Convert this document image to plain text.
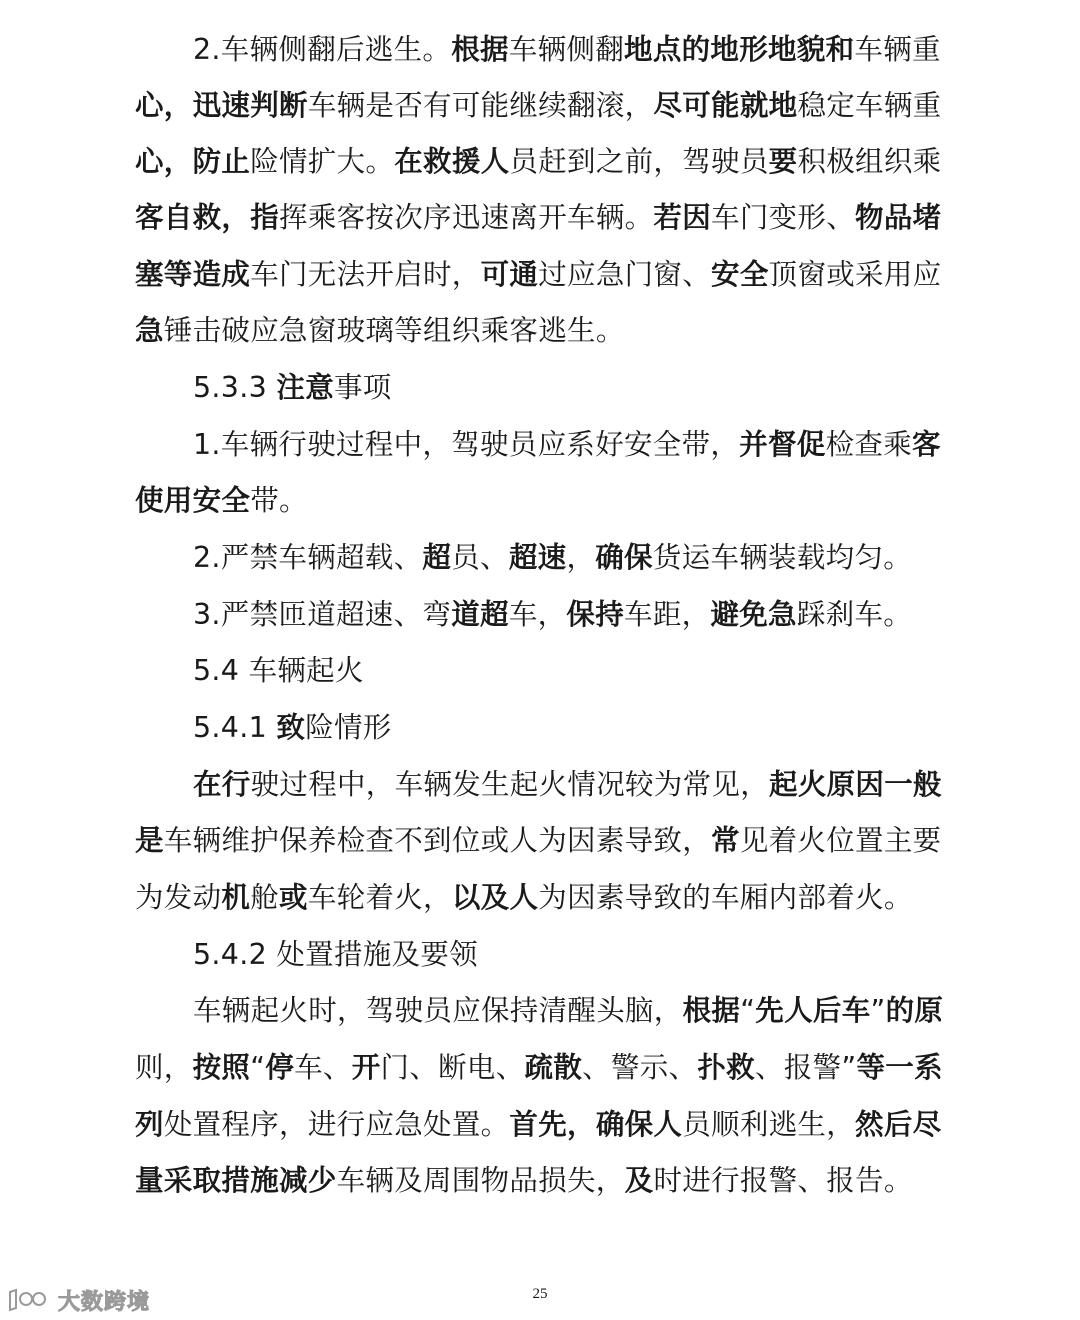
2.车辆侧翻后逃生。根据车辆侧翻地点的地形地貌和车辆重
心，迅速判断车辆是否有可能继续翻滚，尽可能就地稳定车辆重
心，防止险情扩大。在救援人员赶到之前，驾驶员要积极组织乘
客自救，指挥乘客按次序迅速离开车辆。若因车门变形、物品堵
塞等造成车门无法开启时，可通过应急门窗、安全顶窗或采用应
急锤击破应急窗玻璃等组织乘客逃生。
5.3.3 注意事项
1.车辆行驶过程中，驾驶员应系好安全带，并督促检查乘客
使用安全带。
2.严禁车辆超载、超员、超速，确保货运车辆装载均匀。
3.严禁匝道超速、弯道超车，保持车距，避免急踩刹车。
5.4 车辆起火
5.4.1 致险情形
在行驶过程中，车辆发生起火情况较为常见，起火原因一般
是车辆维护保养检查不到位或人为因素导致，常见着火位置主要
为发动机舱或车轮着火，以及人为因素导致的车厢内部着火。
5.4.2 处置措施及要领
车辆起火时，驾驶员应保持清醒头脑，根据“先人后车”的原
则，按照“停车、开门、断电、疏散、警示、扑救、报警”等一系
列处置程序，进行应急处置。首先，确保人员顺利逃生，然后尽
量采取措施减少车辆及周围物品损失，及时进行报警、报告。
25
大数跨境
